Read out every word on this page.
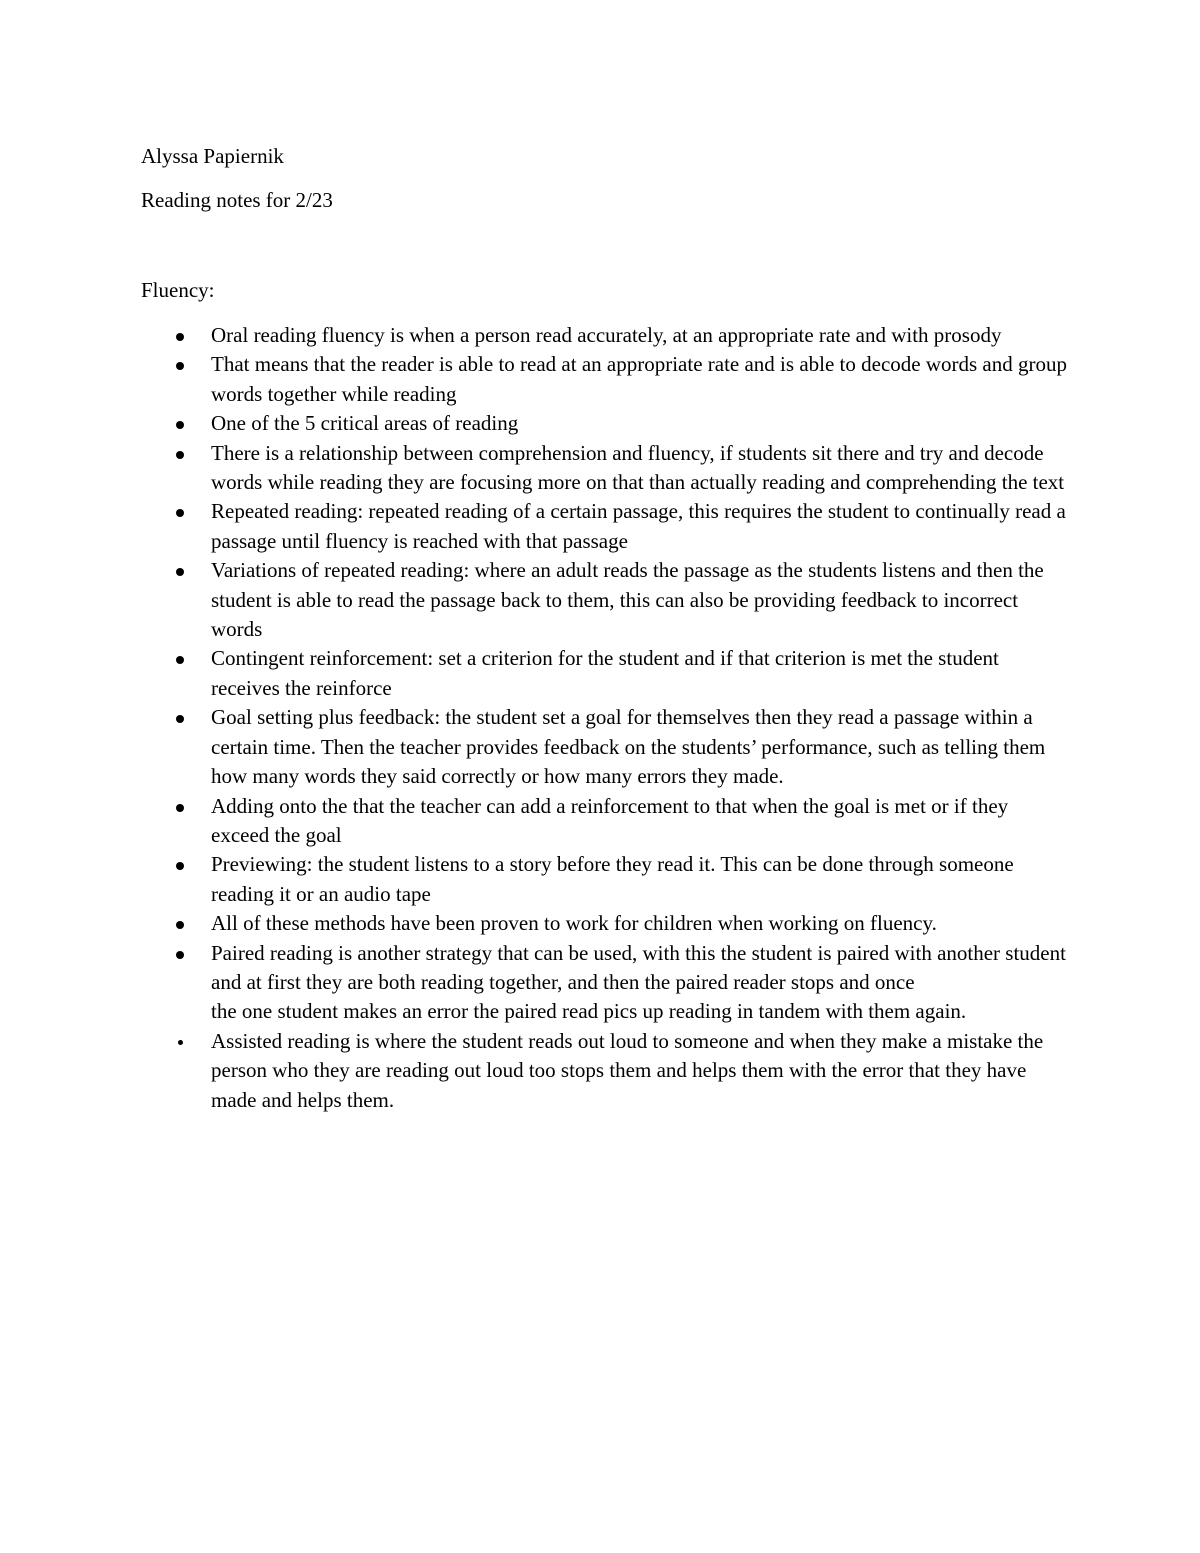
Alyssa Papiernik

Reading notes for 2/23

Fluency:

Oral reading fluency is when a person read accurately, at an appropriate rate and with prosody
That means that the reader is able to read at an appropriate rate and is able to decode words and group words together while reading
One of the 5 critical areas of reading
There is a relationship between comprehension and fluency, if students sit there and try and decode words while reading they are focusing more on that than actually reading and comprehending the text
Repeated reading: repeated reading of a certain passage, this requires the student to continually read a passage until fluency is reached with that passage
Variations of repeated reading: where an adult reads the passage as the students listens and then the student is able to read the passage back to them, this can also be providing feedback to incorrect words
Contingent reinforcement: set a criterion for the student and if that criterion is met the student receives the reinforce
Goal setting plus feedback: the student set a goal for themselves then they read a passage within a certain time. Then the teacher provides feedback on the students’ performance, such as telling them how many words they said correctly or how many errors they made.
Adding onto the that the teacher can add a reinforcement to that when the goal is met or if they exceed the goal
Previewing: the student listens to a story before they read it. This can be done through someone reading it or an audio tape
All of these methods have been proven to work for children when working on fluency.
Paired reading is another strategy that can be used, with this the student is paired with another student and at first they are both reading together, and then the paired reader stops and once
the one student makes an error the paired read pics up reading in tandem with them again.
Assisted reading is where the student reads out loud to someone and when they make a mistake the person who they are reading out loud too stops them and helps them with the error that they have made and helps them.
